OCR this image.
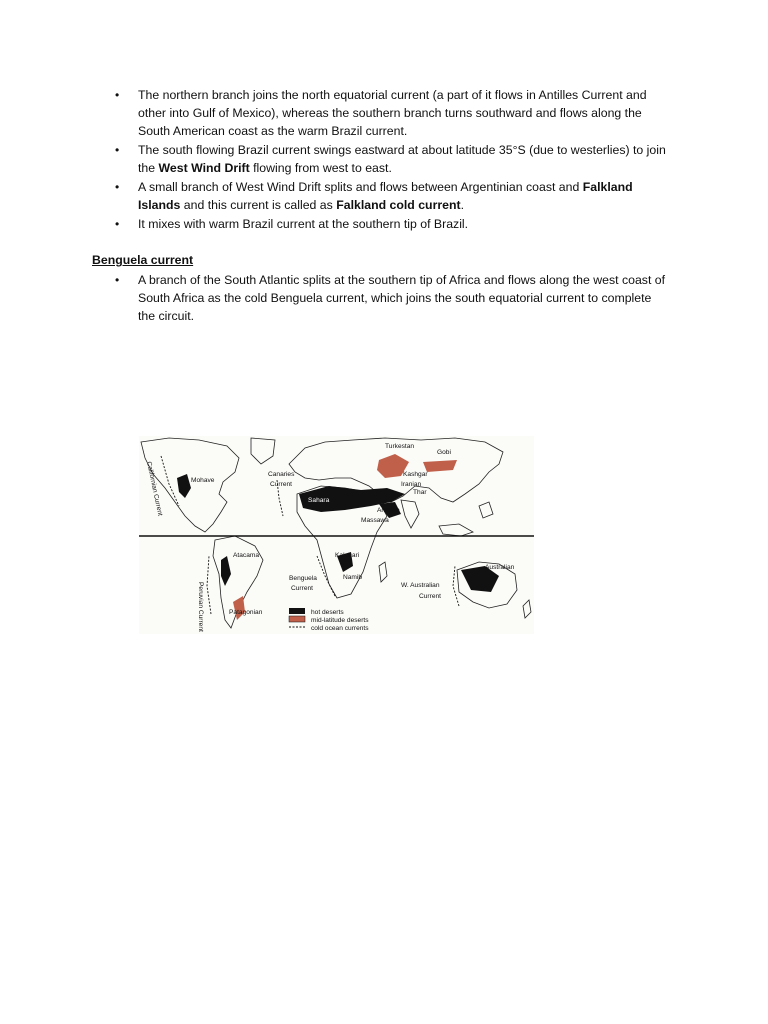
• The northern branch joins the north equatorial current (a part of it flows in Antilles Current and other into Gulf of Mexico), whereas the southern branch turns southward and flows along the South American coast as the warm Brazil current.
• The south flowing Brazil current swings eastward at about latitude 35°S (due to westerlies) to join the West Wind Drift flowing from west to east.
• A small branch of West Wind Drift splits and flows between Argentinian coast and Falkland Islands and this current is called as Falkland cold current.
• It mixes with warm Brazil current at the southern tip of Brazil.
Benguela current
• A branch of the South Atlantic splits at the southern tip of Africa and flows along the west coast of South Africa as the cold Benguela current, which joins the south equatorial current to complete the circuit.
Californian Current	Mohave
Canaries
Current
Sahara
Turkestan
Gobi
Kashgar
Iranian
Thar
Arabian
Massawa
Atacama
Peruvian Current	Patagonian
Kalahari
Namib
Benguela
Current	W. Australian
Current
Australian
hot deserts
mid-latitude deserts
cold ocean currents
